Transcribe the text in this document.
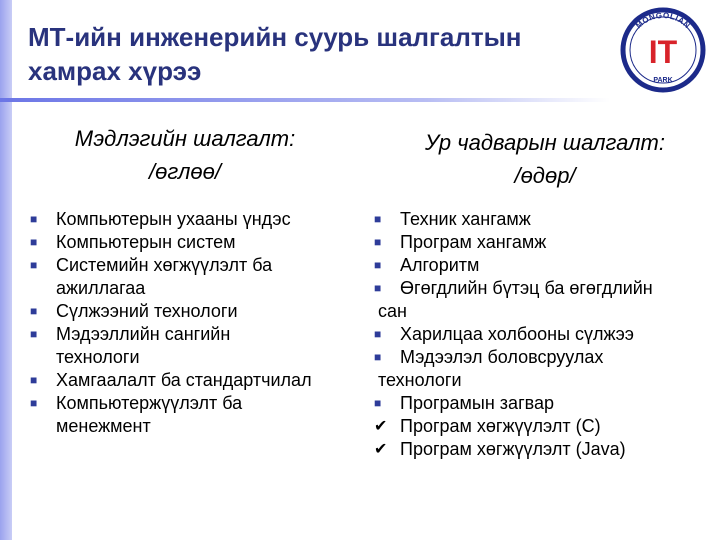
МТ-ийн инженерийн суурь шалгалтын
хамрах хүрээ
MONGOLIAN
IT
PARK
Мэдлэгийн шалгалт:
/өглөө/
Ур чадварын шалгалт:
/өдөр/
■ Компьютерын ухааны үндэс
■ Компьютерын систем
■ Системийн хөгжүүлэлт ба
ажиллагаа
■ Сүлжээний технологи
■ Мэдээллийн сангийн
технологи
■ Хамгаалалт ба стандартчилал
■ Компьютержүүлэлт ба
менежмент
■ Техник хангамж
■ Програм хангамж
■ Алгоритм
■ Өгөгдлийн бүтэц ба өгөгдлийн
сан
■ Харилцаа холбооны сүлжээ
■ Мэдээлэл боловсруулах
технологи
■ Програмын загвар
✔ Програм хөгжүүлэлт (C)
✔ Програм хөгжүүлэлт (Java)
